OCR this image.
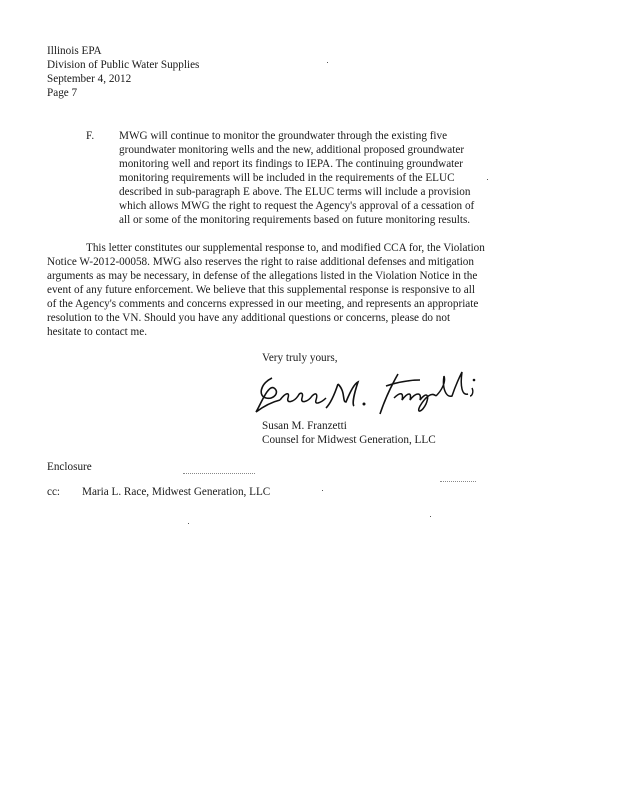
Illinois EPA
Division of Public Water Supplies
September 4, 2012
Page 7
F. MWG will continue to monitor the groundwater through the existing five
groundwater monitoring wells and the new, additional proposed groundwater
monitoring well and report its findings to IEPA. The continuing groundwater
monitoring requirements will be included in the requirements of the ELUC
described in sub-paragraph E above. The ELUC terms will include a provision
which allows MWG the right to request the Agency's approval of a cessation of
all or some of the monitoring requirements based on future monitoring results.
This letter constitutes our supplemental response to, and modified CCA for, the Violation
Notice W-2012-00058. MWG also reserves the right to raise additional defenses and mitigation
arguments as may be necessary, in defense of the allegations listed in the Violation Notice in the
event of any future enforcement. We believe that this supplemental response is responsive to all
of the Agency's comments and concerns expressed in our meeting, and represents an appropriate
resolution to the VN. Should you have any additional questions or concerns, please do not
hesitate to contact me.
Very truly yours,
Susan M. Franzetti
Counsel for Midwest Generation, LLC
Enclosure
cc: Maria L. Race, Midwest Generation, LLC
